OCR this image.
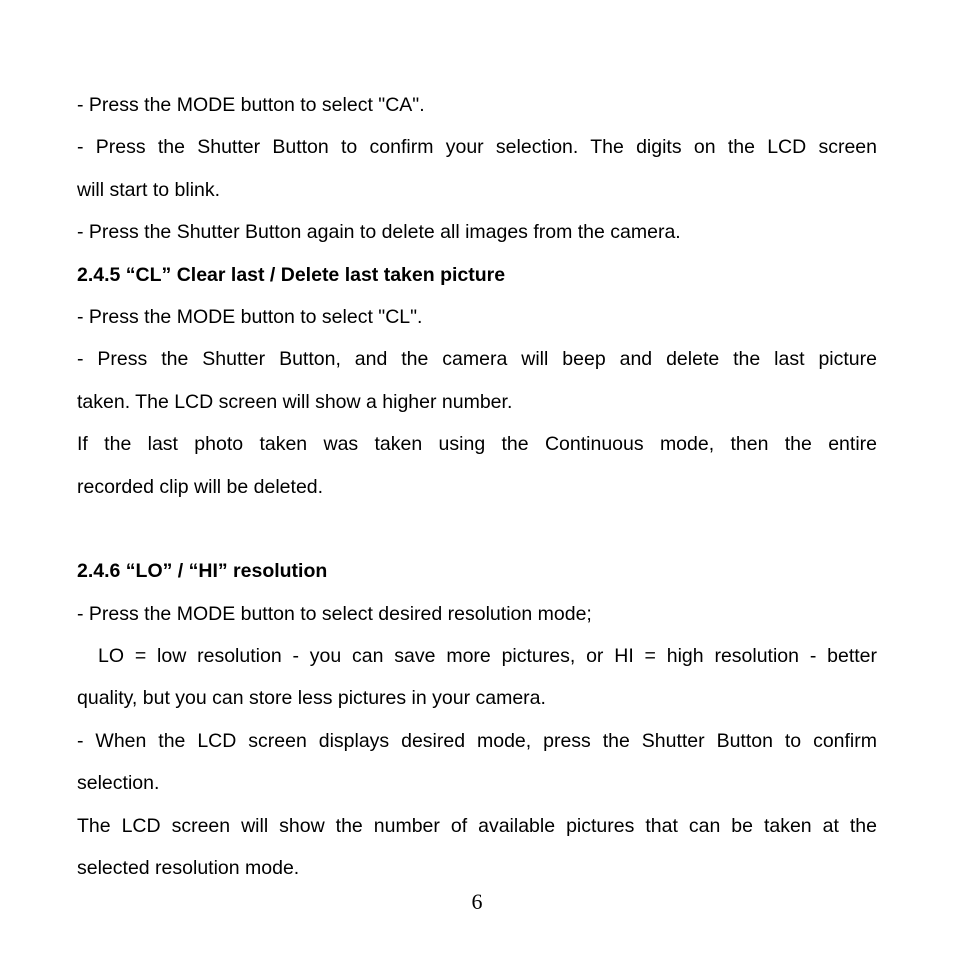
- Press the MODE button to select "CA".

- Press the Shutter Button to confirm your selection. The digits on the LCD screen

will start to blink.

- Press the Shutter Button again to delete all images from the camera.

2.4.5 “CL” Clear last / Delete last taken picture

- Press the MODE button to select "CL".

- Press the Shutter Button, and the camera will beep and delete the last picture

taken. The LCD screen will show a higher number.

If the last photo taken was taken using the Continuous mode, then the entire

recorded clip will be deleted.

2.4.6 “LO” / “HI” resolution

- Press the MODE button to select desired resolution mode;

LO = low resolution - you can save more pictures, or HI = high resolution - better

quality, but you can store less pictures in your camera.

- When the LCD screen displays desired mode, press the Shutter Button to confirm

selection.

The LCD screen will show the number of available pictures that can be taken at the

selected resolution mode.

6
